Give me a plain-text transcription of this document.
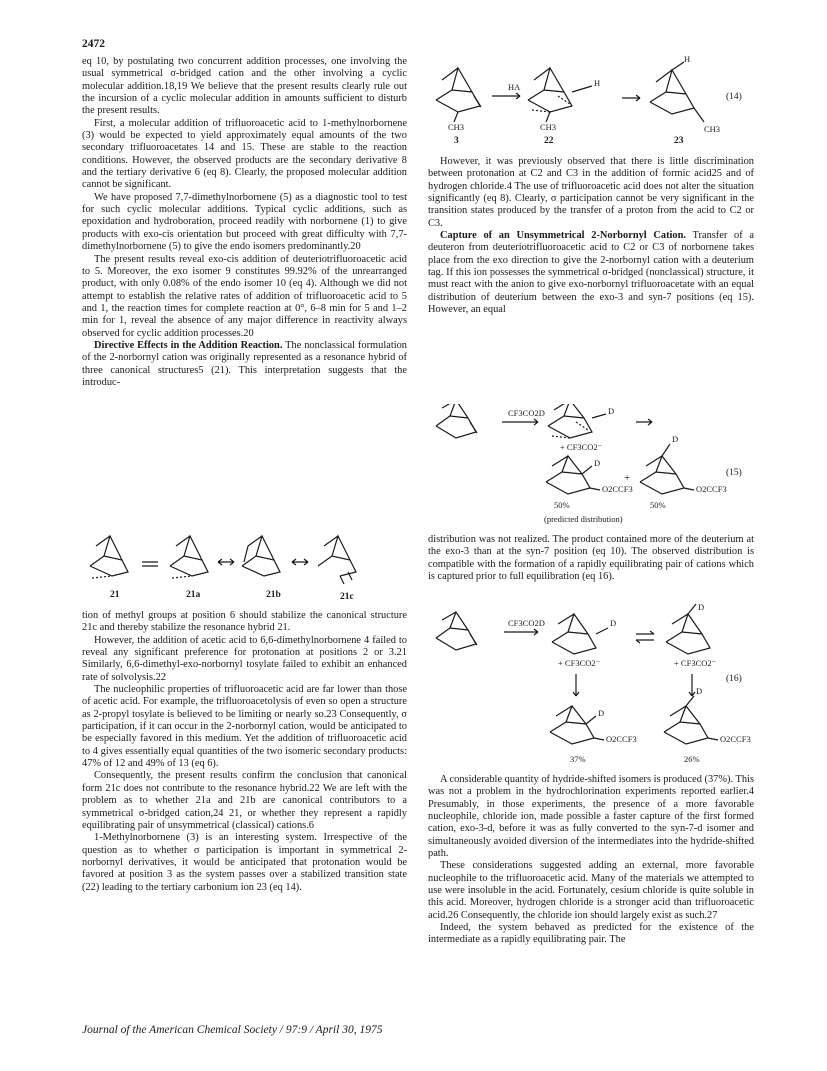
2472

eq 10, by postulating two concurrent addition processes, one involving the usual symmetrical σ-bridged cation and the other involving a cyclic molecular addition.18,19 We believe that the present results clearly rule out the incursion of a cyclic molecular addition in amounts sufficient to disturb the present results.

First, a molecular addition of trifluoroacetic acid to 1-methylnorbornene (3) would be expected to yield approximately equal amounts of the two secondary trifluoroacetates 14 and 15. These are stable to the reaction conditions. However, the observed products are the secondary derivative 8 and the tertiary derivative 6 (eq 8). Clearly, the proposed molecular addition cannot be significant.

We have proposed 7,7-dimethylnorbornene (5) as a diagnostic tool to test for such cyclic molecular additions. Typical cyclic additions, such as epoxidation and hydroboration, proceed readily with norbornene (1) to give products with exo-cis orientation but proceed with great difficulty with 7,7-dimethylnorbornene (5) to give the endo isomers predominantly.20

The present results reveal exo-cis addition of deuteriotrifluoroacetic acid to 5. Moreover, the exo isomer 9 constitutes 99.92% of the unrearranged product, with only 0.08% of the endo isomer 10 (eq 4). Although we did not attempt to establish the relative rates of addition of trifluoroacetic acid to 5 and 1, the reaction times for complete reaction at 0°, 6–8 min for 5 and 1–2 min for 1, reveal the absence of any major difference in reactivity always observed for cyclic addition processes.20

Directive Effects in the Addition Reaction. The nonclassical formulation of the 2-norbornyl cation was originally represented as a resonance hybrid of three canonical structures5 (21). This interpretation suggests that the introduc-

21	21a	21b	21c

tion of methyl groups at position 6 should stabilize the canonical structure 21c and thereby stabilize the resonance hybrid 21.

However, the addition of acetic acid to 6,6-dimethylnorbornene 4 failed to reveal any significant preference for protonation at positions 2 or 3.21 Similarly, 6,6-dimethyl-exo-norbornyl tosylate failed to exhibit an enhanced rate of solvolysis.22

The nucleophilic properties of trifluoroacetic acid are far lower than those of acetic acid. For example, the trifluoroacetolysis of even so open a structure as 2-propyl tosylate is believed to be limiting or nearly so.23 Consequently, σ participation, if it can occur in the 2-norbornyl cation, would be anticipated to be especially favored in this medium. Yet the addition of trifluoroacetic acid to 4 gives essentially equal quantities of the two isomeric secondary products: 47% of 12 and 49% of 13 (eq 6).

Consequently, the present results confirm the conclusion that canonical form 21c does not contribute to the resonance hybrid.22 We are left with the problem as to whether 21a and 21b are canonical contributors to a symmetrical σ-bridged cation,24 21, or whether they represent a rapidly equilibrating pair of unsymmetrical (classical) cations.6

1-Methylnorbornene (3) is an interesting system. Irrespective of the question as to whether σ participation is important in symmetrical 2-norbornyl derivatives, it would be anticipated that protonation would be favored at position 3 as the system passes over a stabilized transition state (22) leading to the tertiary carbonium ion 23 (eq 14).

HA
CH3	CH3	CH3
H
H
3	22	23
(14)

However, it was previously observed that there is little discrimination between protonation at C2 and C3 in the addition of formic acid25 and of hydrogen chloride.4 The use of trifluoroacetic acid does not alter the situation significantly (eq 8). Clearly, σ participation cannot be very significant in the transition states produced by the transfer of a proton from the acid to C2 or C3.

Capture of an Unsymmetrical 2-Norbornyl Cation. Transfer of a deuteron from deuteriotrifluoroacetic acid to C2 or C3 of norbornene takes place from the exo direction to give the 2-norbornyl cation with a deuterium tag. If this ion possesses the symmetrical σ-bridged (nonclassical) structure, it must react with the anion to give exo-norbornyl trifluoroacetate with an equal distribution of deuterium between the exo-3 and syn-7 positions (eq 15). However, an equal

CF3CO2D	D
+ CF3CO2⁻
D
O2CCF3
+
D
O2CCF3
50%	50%
(predicted distribution)
(15)

distribution was not realized. The product contained more of the deuterium at the exo-3 than at the syn-7 position (eq 10). The observed distribution is compatible with the formation of a rapidly equilibrating pair of cations which is captured prior to full equilibration (eq 16).

CF3CO2D	D
D
+ CF3CO2⁻	+ CF3CO2⁻
D
O2CCF3
D
O2CCF3
37%	26%
(16)

A considerable quantity of hydride-shifted isomers is produced (37%). This was not a problem in the hydrochlorination experiments reported earlier.4 Presumably, in those experiments, the presence of a more favorable nucleophile, chloride ion, made possible a faster capture of the first formed cation, exo-3-d, before it was as fully converted to the syn-7-d isomer and simultaneously avoided diversion of the intermediates into the hydride-shifted path.

These considerations suggested adding an external, more favorable nucleophile to the trifluoroacetic acid. Many of the materials we attempted to use were insoluble in the acid. Fortunately, cesium chloride is quite soluble in this acid. Moreover, hydrogen chloride is a stronger acid than trifluoroacetic acid.26 Consequently, the chloride ion should largely exist as such.27

Indeed, the system behaved as predicted for the existence of the intermediate as a rapidly equilibrating pair. The

Journal of the American Chemical Society / 97:9 / April 30, 1975
